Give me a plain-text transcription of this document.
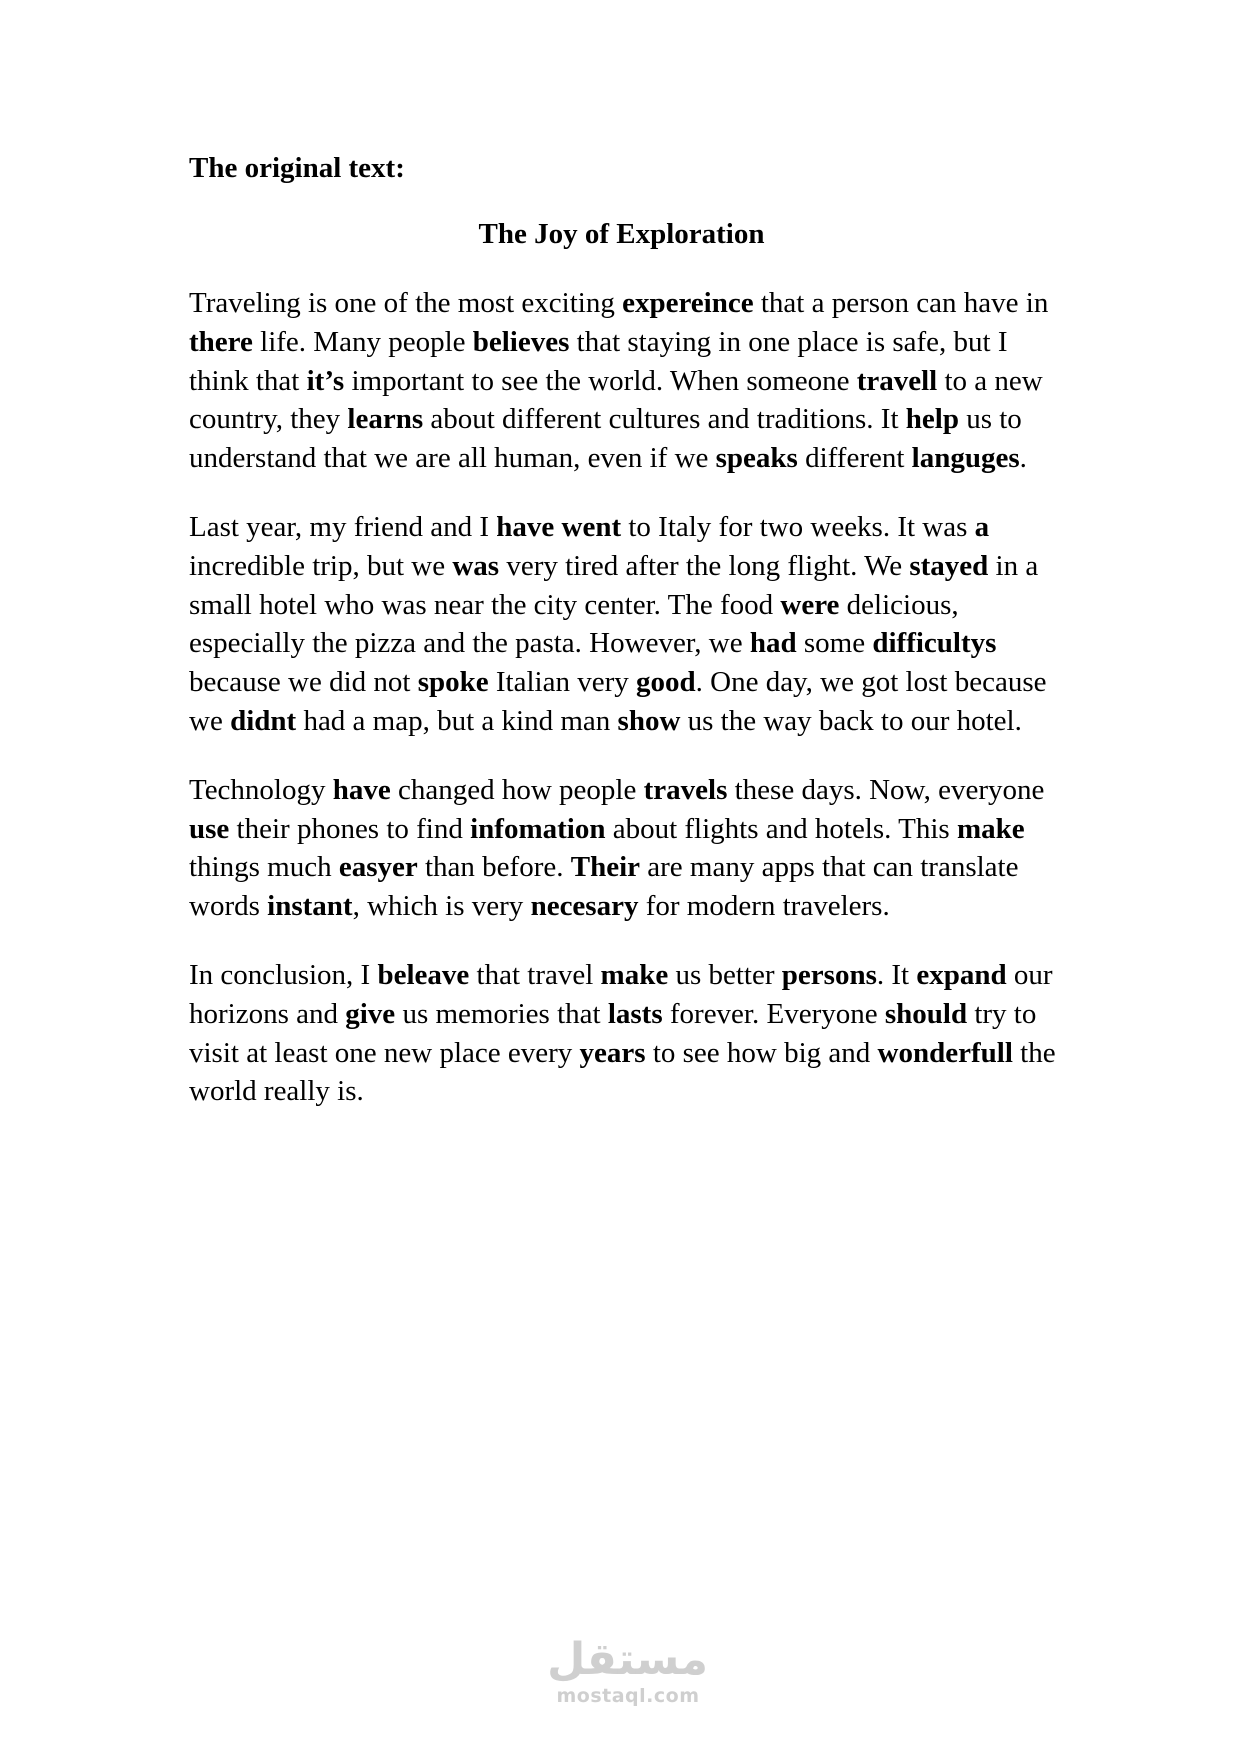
The original text:

The Joy of Exploration

Traveling is one of the most exciting expereince that a person can have in there life. Many people believes that staying in one place is safe, but I think that it’s important to see the world. When someone travell to a new country, they learns about different cultures and traditions. It help us to understand that we are all human, even if we speaks different languges.

Last year, my friend and I have went to Italy for two weeks. It was a incredible trip, but we was very tired after the long flight. We stayed in a small hotel who was near the city center. The food were delicious, especially the pizza and the pasta. However, we had some difficultys because we did not spoke Italian very good. One day, we got lost because we didnt had a map, but a kind man show us the way back to our hotel.

Technology have changed how people travels these days. Now, everyone use their phones to find infomation about flights and hotels. This make things much easyer than before. Their are many apps that can translate words instant, which is very necesary for modern travelers.

In conclusion, I beleave that travel make us better persons. It expand our horizons and give us memories that lasts forever. Everyone should try to visit at least one new place every years to see how big and wonderfull the world really is.

مستقل
mostaql.com
